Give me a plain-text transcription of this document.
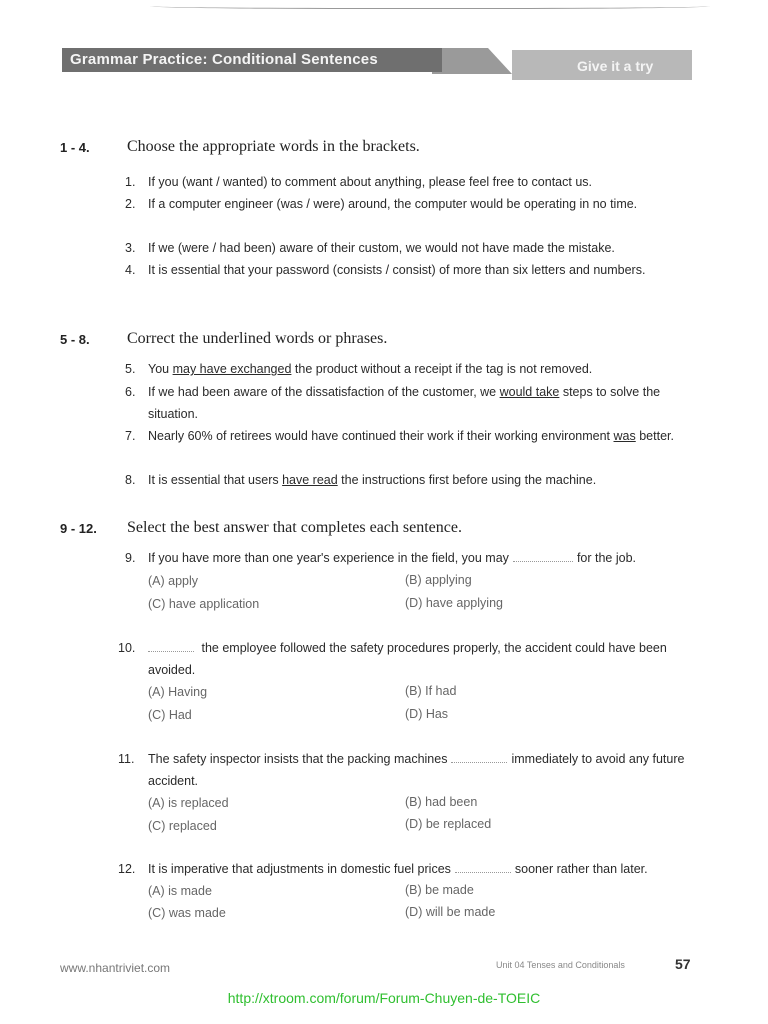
Grammar Practice: Conditional Sentences	Give it a try
1 - 4. Choose the appropriate words in the brackets.
1.	If you (want / wanted) to comment about anything, please feel free to contact us.
2.	If a computer engineer (was / were) around, the computer would be operating in no time.
3.	If we (were / had been) aware of their custom, we would not have made the mistake.
4.	It is essential that your password (consists / consist) of more than six letters and numbers.
5 - 8. Correct the underlined words or phrases.
5.	You may have exchanged the product without a receipt if the tag is not removed.
6.	If we had been aware of the dissatisfaction of the customer, we would take steps to solve the situation.
7.	Nearly 60% of retirees would have continued their work if their working environment was better.
8.	It is essential that users have read the instructions first before using the machine.
9 - 12. Select the best answer that completes each sentence.
9.	If you have more than one year's experience in the field, you may	for the job.
(A) apply	(B) applying
(C) have application	(D) have applying
10.	the employee followed the safety procedures properly, the accident could have been avoided.
(A) Having	(B) If had
(C) Had	(D) Has
11.	The safety inspector insists that the packing machines	immediately to avoid any future accident.
(A) is replaced	(B) had been
(C) replaced	(D) be replaced
12.	It is imperative that adjustments in domestic fuel prices	sooner rather than later.
(A) is made	(B) be made
(C) was made	(D) will be made
www.nhantriviet.com	Unit 04 Tenses and Conditionals	57
http://xtroom.com/forum/Forum-Chuyen-de-TOEIC
